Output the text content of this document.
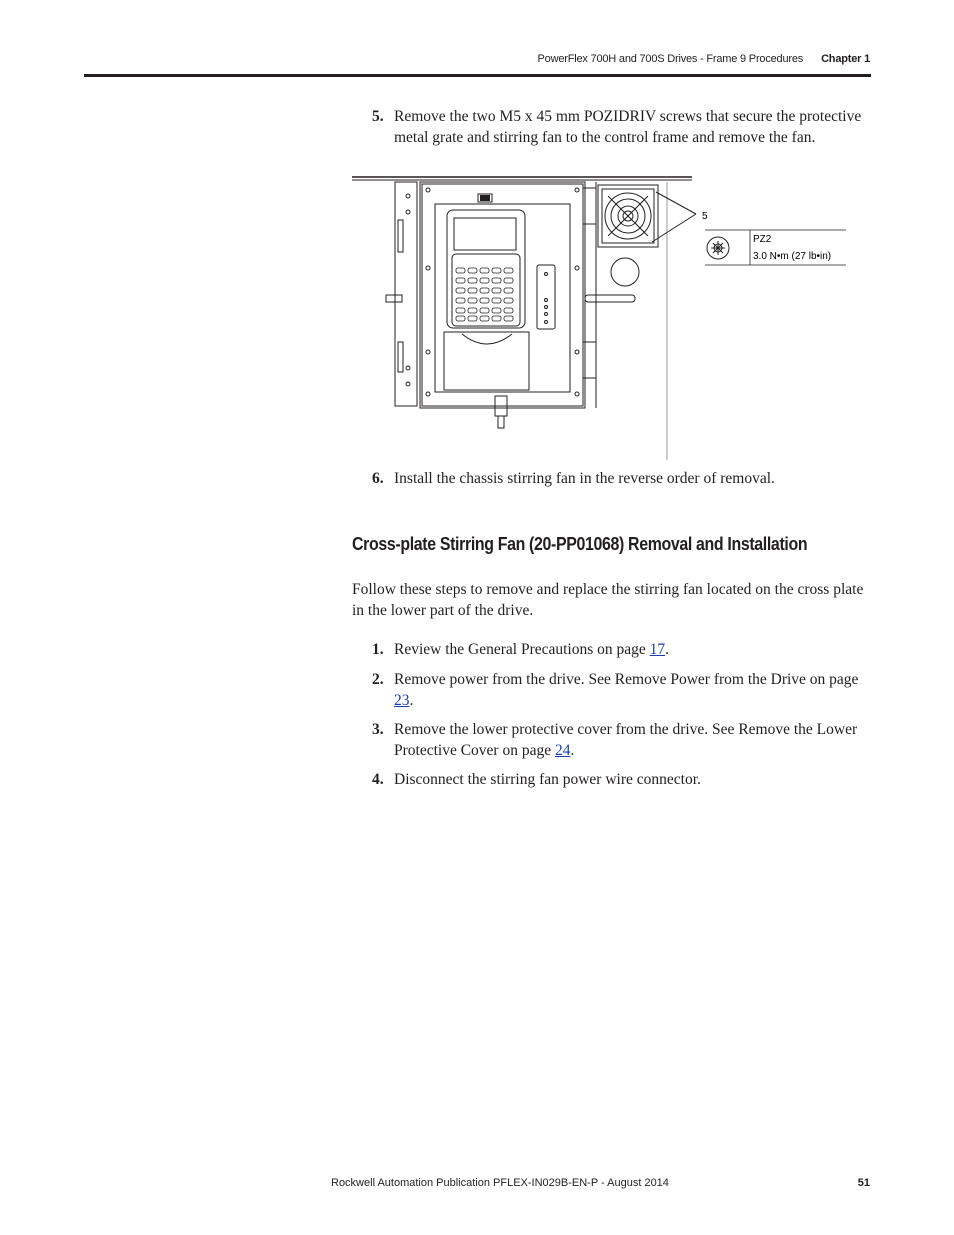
PowerFlex 700H and 700S Drives - Frame 9 Procedures Chapter 1
5. Remove the two M5 x 45 mm POZIDRIV screws that secure the protective metal grate and stirring fan to the control frame and remove the fan.
5
PZ2
3.0 N•m (27 lb•in)
6. Install the chassis stirring fan in the reverse order of removal.
Cross-plate Stirring Fan (20-PP01068) Removal and Installation
Follow these steps to remove and replace the stirring fan located on the cross plate in the lower part of the drive.
1. Review the General Precautions on page 17.
2. Remove power from the drive. See Remove Power from the Drive on page 23.
3. Remove the lower protective cover from the drive. See Remove the Lower Protective Cover on page 24.
4. Disconnect the stirring fan power wire connector.
Rockwell Automation Publication PFLEX-IN029B-EN-P - August 2014	51
